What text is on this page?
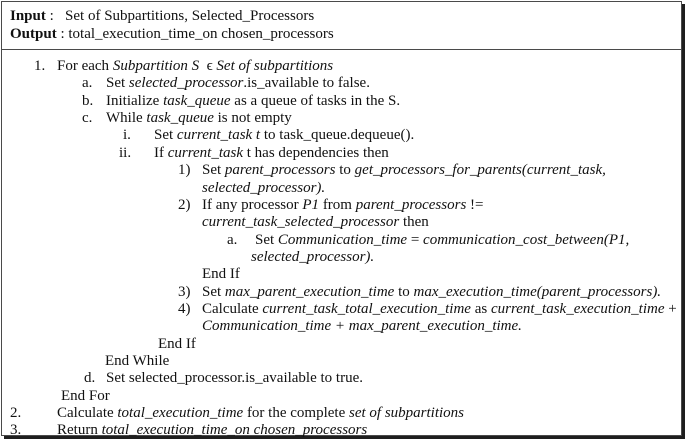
Input :   Set of Subpartitions, Selected_Processors
Output : total_execution_time_on chosen_processors
1. For each Subpartition S  ϵ Set of subpartitions
a. Set selected_processor.is_available to false.
b. Initialize task_queue as a queue of tasks in the S.
c. While task_queue is not empty
i. Set current_task t to task_queue.dequeue().
ii. If current_task t has dependencies then
1) Set parent_processors to get_processors_for_parents(current_task,
selected_processor).
2) If any processor P1 from parent_processors !=
current_task_selected_processor then
a. Set Communication_time = communication_cost_between(P1,
selected_processor).
End If
3) Set max_parent_execution_time to max_execution_time(parent_processors).
4) Calculate current_task_total_execution_time as current_task_execution_time +
Communication_time + max_parent_execution_time.
End If
End While
d. Set selected_processor.is_available to true.
End For
2. Calculate total_execution_time for the complete set of subpartitions
3. Return total_execution_time_on chosen_processors
